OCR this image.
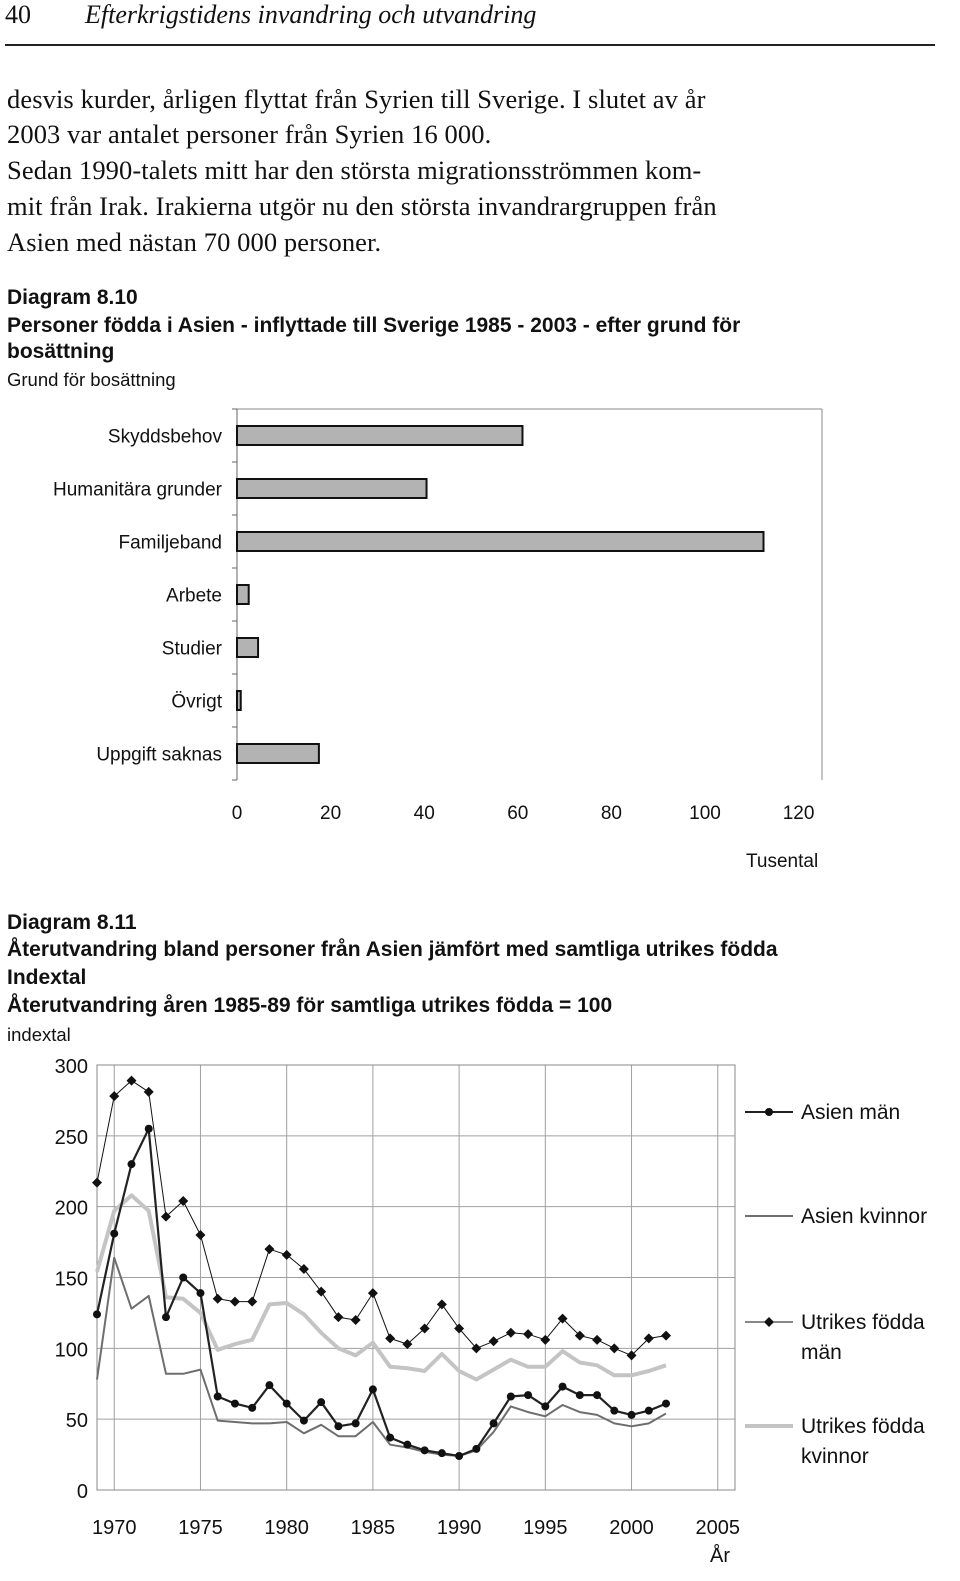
40 Efterkrigstidens invandring och utvandring
desvis kurder, årligen flyttat från Syrien till Sverige. I slutet av år
2003 var antalet personer från Syrien 16 000.
Sedan 1990-talets mitt har den största migrationsströmmen kom-
mit från Irak. Irakierna utgör nu den största invandrargruppen från
Asien med nästan 70 000 personer.
Diagram 8.10
Personer födda i Asien - inflyttade till Sverige 1985 - 2003 - efter grund för
bosättning
Grund för bosättning
Tusental
Diagram 8.11
Återutvandring bland personer från Asien jämfört med samtliga utrikes födda
Indextal
Återutvandring åren 1985-89 för samtliga utrikes födda = 100
indextal
År
Skyddsbehov
Humanitära grunder
Familjeband
Arbete
Studier
Övrigt
Uppgift saknas
0	20	40	60	80	100	120
0
50
100
150
200
250
300
1970 1975 1980 1985 1990 1995 2000 2005
Asien män
Asien kvinnor
Utrikes födda
män
Utrikes födda
kvinnor
